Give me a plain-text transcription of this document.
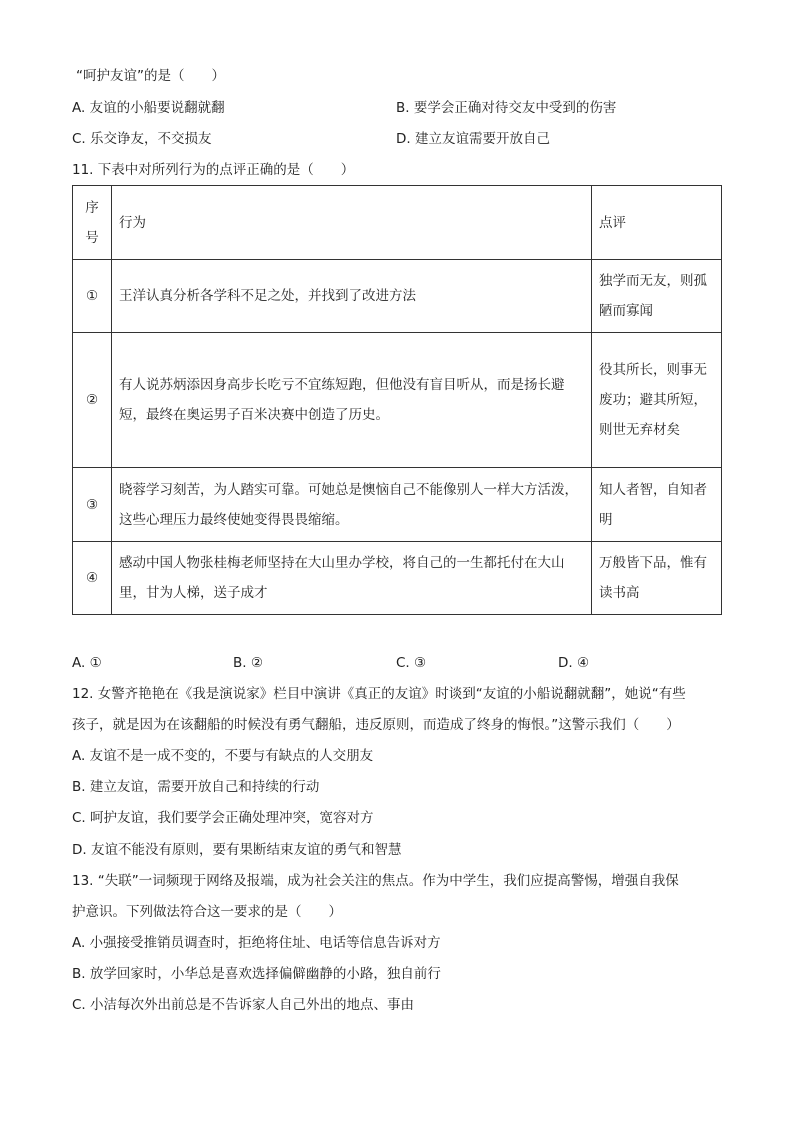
“呵护友谊”的是（　　）
A. 友谊的小船要说翻就翻	B. 要学会正确对待交友中受到的伤害
C. 乐交诤友，不交损友	D. 建立友谊需要开放自己
11. 下表中对所列行为的点评正确的是（　　）
序
号	行为	点评
①	王洋认真分析各学科不足之处，并找到了改进方法	独学而无友，则孤陋而寡闻
②	有人说苏炳添因身高步长吃亏不宜练短跑，但他没有盲目听从，而是扬长避短，最终在奥运男子百米决赛中创造了历史。	役其所长，则事无废功；避其所短，则世无弃材矣
③	晓蓉学习刻苦，为人踏实可靠。可她总是懊恼自己不能像别人一样大方活泼，这些心理压力最终使她变得畏畏缩缩。	知人者智，自知者明
④	感动中国人物张桂梅老师坚持在大山里办学校，将自己的一生都托付在大山里，甘为人梯，送子成才	万般皆下品，惟有读书高
A. ①	B. ②	C. ③	D. ④
12. 女警齐艳艳在《我是演说家》栏目中演讲《真正的友谊》时谈到“友谊的小船说翻就翻”，她说“有些
孩子，就是因为在该翻船的时候没有勇气翻船，违反原则，而造成了终身的悔恨。”这警示我们（　　）
A. 友谊不是一成不变的，不要与有缺点的人交朋友
B. 建立友谊，需要开放自己和持续的行动
C. 呵护友谊，我们要学会正确处理冲突，宽容对方
D. 友谊不能没有原则，要有果断结束友谊的勇气和智慧
13. “失联”一词频现于网络及报端，成为社会关注的焦点。作为中学生，我们应提高警惕，增强自我保
护意识。下列做法符合这一要求的是（　　）
A. 小强接受推销员调查时，拒绝将住址、电话等信息告诉对方
B. 放学回家时，小华总是喜欢选择偏僻幽静的小路，独自前行
C. 小洁每次外出前总是不告诉家人自己外出的地点、事由
